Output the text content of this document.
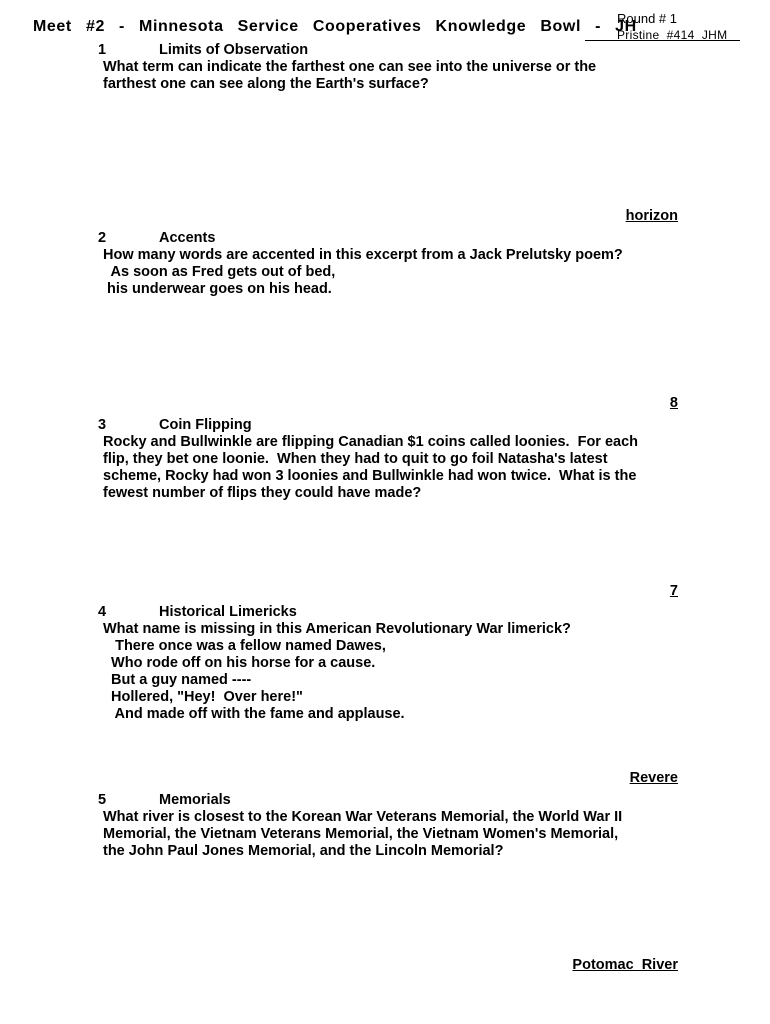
Meet  #2  -  Minnesota  Service  Cooperatives  Knowledge  Bowl  -  JH
Round # 1
Pristine  #414  JHM
1	Limits of Observation
What term can indicate the farthest one can see into the universe or the
farthest one can see along the Earth's surface?
horizon
2	Accents
How many words are accented in this excerpt from a Jack Prelutsky poem?
As soon as Fred gets out of bed,
his underwear goes on his head.
8
3	Coin Flipping
Rocky and Bullwinkle are flipping Canadian $1 coins called loonies.  For each
flip, they bet one loonie.  When they had to quit to go foil Natasha's latest
scheme, Rocky had won 3 loonies and Bullwinkle had won twice.  What is the
fewest number of flips they could have made?
7
4	Historical Limericks
What name is missing in this American Revolutionary War limerick?
There once was a fellow named Dawes,
Who rode off on his horse for a cause.
But a guy named ----
Hollered, "Hey!  Over here!"
And made off with the fame and applause.
Revere
5	Memorials
What river is closest to the Korean War Veterans Memorial, the World War II
Memorial, the Vietnam Veterans Memorial, the Vietnam Women's Memorial,
the John Paul Jones Memorial, and the Lincoln Memorial?
Potomac  River
